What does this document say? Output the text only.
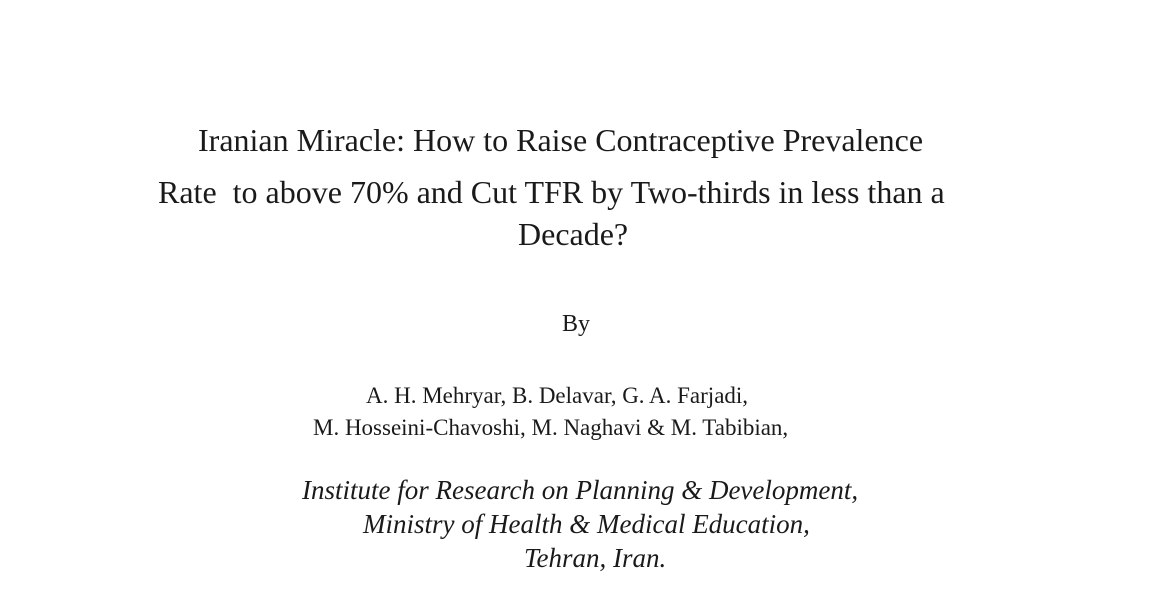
Iranian Miracle: How to Raise Contraceptive Prevalence
Rate  to above 70% and Cut TFR by Two-thirds in less than a
Decade?
By
A. H. Mehryar, B. Delavar, G. A. Farjadi,
M. Hosseini-Chavoshi, M. Naghavi & M. Tabibian,
Institute for Research on Planning & Development,
Ministry of Health & Medical Education,
Tehran, Iran.
